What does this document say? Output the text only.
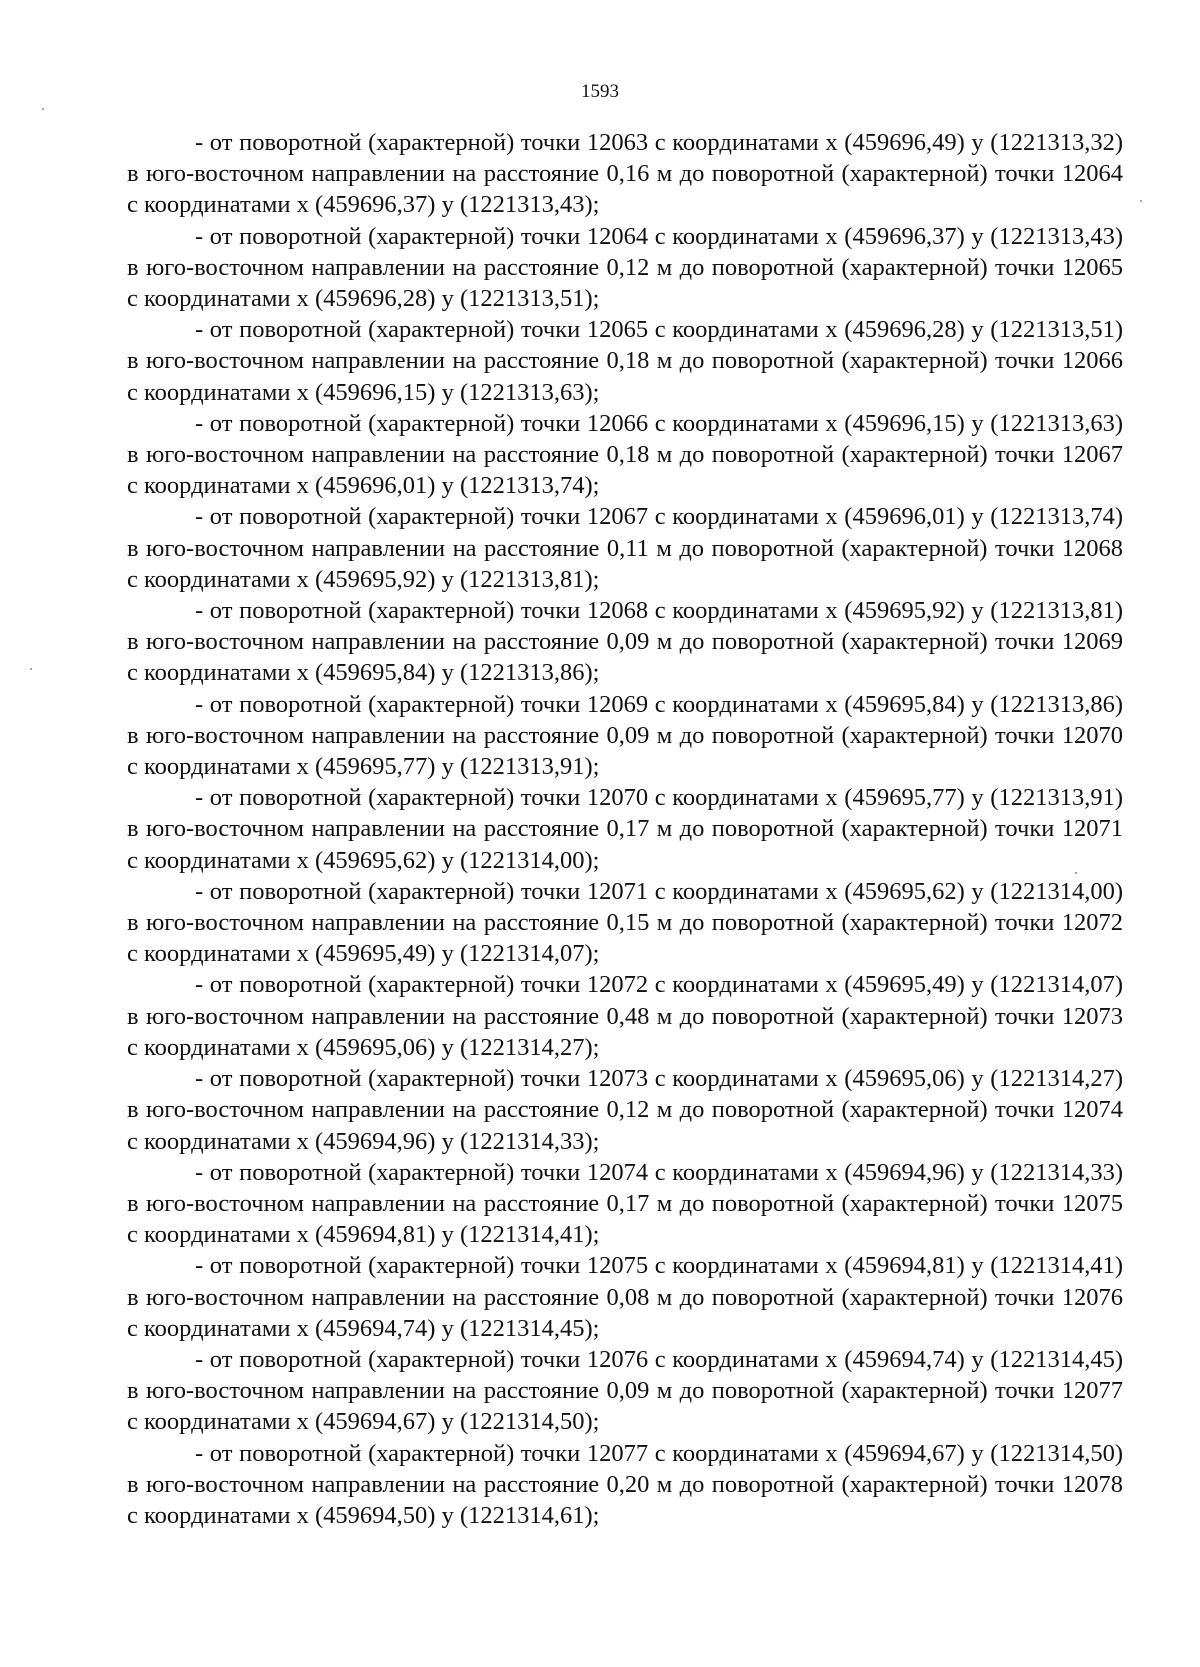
1593

- от поворотной (характерной) точки 12063 с координатами x (459696,49) y (1221313,32) в юго-восточном направлении на расстояние 0,16 м до поворотной (характерной) точки 12064 с координатами x (459696,37) y (1221313,43);

- от поворотной (характерной) точки 12064 с координатами x (459696,37) y (1221313,43) в юго-восточном направлении на расстояние 0,12 м до поворотной (характерной) точки 12065 с координатами x (459696,28) y (1221313,51);

- от поворотной (характерной) точки 12065 с координатами x (459696,28) y (1221313,51) в юго-восточном направлении на расстояние 0,18 м до поворотной (характерной) точки 12066 с координатами x (459696,15) y (1221313,63);

- от поворотной (характерной) точки 12066 с координатами x (459696,15) y (1221313,63) в юго-восточном направлении на расстояние 0,18 м до поворотной (характерной) точки 12067 с координатами x (459696,01) y (1221313,74);

- от поворотной (характерной) точки 12067 с координатами x (459696,01) y (1221313,74) в юго-восточном направлении на расстояние 0,11 м до поворотной (характерной) точки 12068 с координатами x (459695,92) y (1221313,81);

- от поворотной (характерной) точки 12068 с координатами x (459695,92) y (1221313,81) в юго-восточном направлении на расстояние 0,09 м до поворотной (характерной) точки 12069 с координатами x (459695,84) y (1221313,86);

- от поворотной (характерной) точки 12069 с координатами x (459695,84) y (1221313,86) в юго-восточном направлении на расстояние 0,09 м до поворотной (характерной) точки 12070 с координатами x (459695,77) y (1221313,91);

- от поворотной (характерной) точки 12070 с координатами x (459695,77) y (1221313,91) в юго-восточном направлении на расстояние 0,17 м до поворотной (характерной) точки 12071 с координатами x (459695,62) y (1221314,00);

- от поворотной (характерной) точки 12071 с координатами x (459695,62) y (1221314,00) в юго-восточном направлении на расстояние 0,15 м до поворотной (характерной) точки 12072 с координатами x (459695,49) y (1221314,07);

- от поворотной (характерной) точки 12072 с координатами x (459695,49) y (1221314,07) в юго-восточном направлении на расстояние 0,48 м до поворотной (характерной) точки 12073 с координатами x (459695,06) y (1221314,27);

- от поворотной (характерной) точки 12073 с координатами x (459695,06) y (1221314,27) в юго-восточном направлении на расстояние 0,12 м до поворотной (характерной) точки 12074 с координатами x (459694,96) y (1221314,33);

- от поворотной (характерной) точки 12074 с координатами x (459694,96) y (1221314,33) в юго-восточном направлении на расстояние 0,17 м до поворотной (характерной) точки 12075 с координатами x (459694,81) y (1221314,41);

- от поворотной (характерной) точки 12075 с координатами x (459694,81) y (1221314,41) в юго-восточном направлении на расстояние 0,08 м до поворотной (характерной) точки 12076 с координатами x (459694,74) y (1221314,45);

- от поворотной (характерной) точки 12076 с координатами x (459694,74) y (1221314,45) в юго-восточном направлении на расстояние 0,09 м до поворотной (характерной) точки 12077 с координатами x (459694,67) y (1221314,50);

- от поворотной (характерной) точки 12077 с координатами x (459694,67) y (1221314,50) в юго-восточном направлении на расстояние 0,20 м до поворотной (характерной) точки 12078 с координатами x (459694,50) y (1221314,61);
